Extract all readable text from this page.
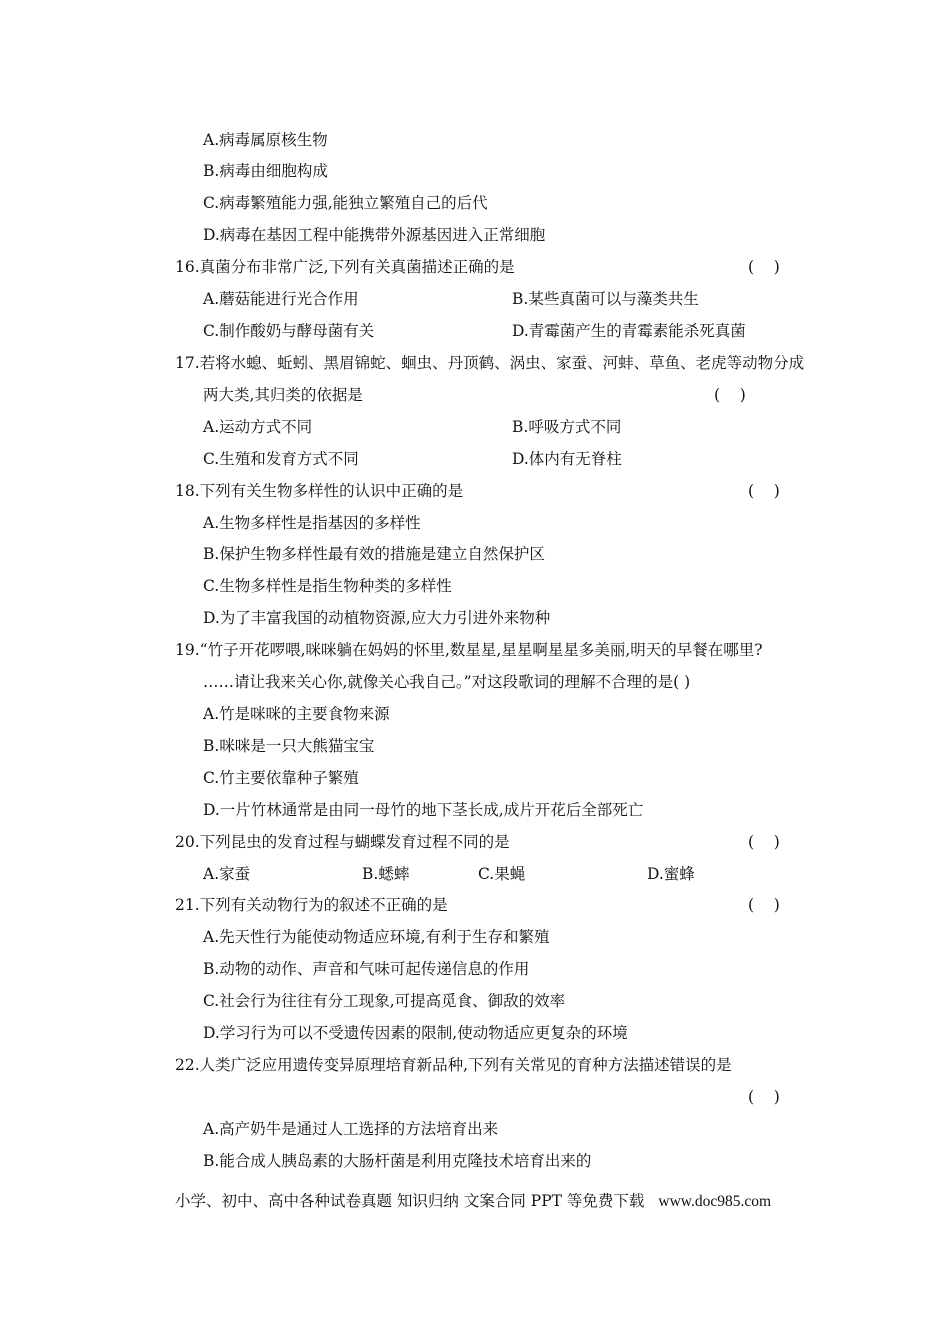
A.病毒属原核生物
B.病毒由细胞构成
C.病毒繁殖能力强,能独立繁殖自己的后代
D.病毒在基因工程中能携带外源基因进入正常细胞
16.真菌分布非常广泛,下列有关真菌描述正确的是	(    )
A.蘑菇能进行光合作用	B.某些真菌可以与藻类共生
C.制作酸奶与酵母菌有关	D.青霉菌产生的青霉素能杀死真菌
17.若将水螅、蚯蚓、黑眉锦蛇、蛔虫、丹顶鹤、涡虫、家蚕、河蚌、草鱼、老虎等动物分成
两大类,其归类的依据是	(    )
A.运动方式不同	B.呼吸方式不同
C.生殖和发育方式不同	D.体内有无脊柱
18.下列有关生物多样性的认识中正确的是	(    )
A.生物多样性是指基因的多样性
B.保护生物多样性最有效的措施是建立自然保护区
C.生物多样性是指生物种类的多样性
D.为了丰富我国的动植物资源,应大力引进外来物种
19.“竹子开花啰喂,咪咪躺在妈妈的怀里,数星星,星星啊星星多美丽,明天的早餐在哪里?
……请让我来关心你,就像关心我自己。”对这段歌词的理解不合理的是( )
A.竹是咪咪的主要食物来源
B.咪咪是一只大熊猫宝宝
C.竹主要依靠种子繁殖
D.一片竹林通常是由同一母竹的地下茎长成,成片开花后全部死亡
20.下列昆虫的发育过程与蝴蝶发育过程不同的是	(    )
A.家蚕	B.蟋蟀	C.果蝇	D.蜜蜂
21.下列有关动物行为的叙述不正确的是	(    )
A.先天性行为能使动物适应环境,有利于生存和繁殖
B.动物的动作、声音和气味可起传递信息的作用
C.社会行为往往有分工现象,可提高觅食、御敌的效率
D.学习行为可以不受遗传因素的限制,使动物适应更复杂的环境
22.人类广泛应用遗传变异原理培育新品种,下列有关常见的育种方法描述错误的是
(    )
A.高产奶牛是通过人工选择的方法培育出来
B.能合成人胰岛素的大肠杆菌是利用克隆技术培育出来的
小学、初中、高中各种试卷真题 知识归纳 文案合同 PPT 等免费下载 www.doc985.com
